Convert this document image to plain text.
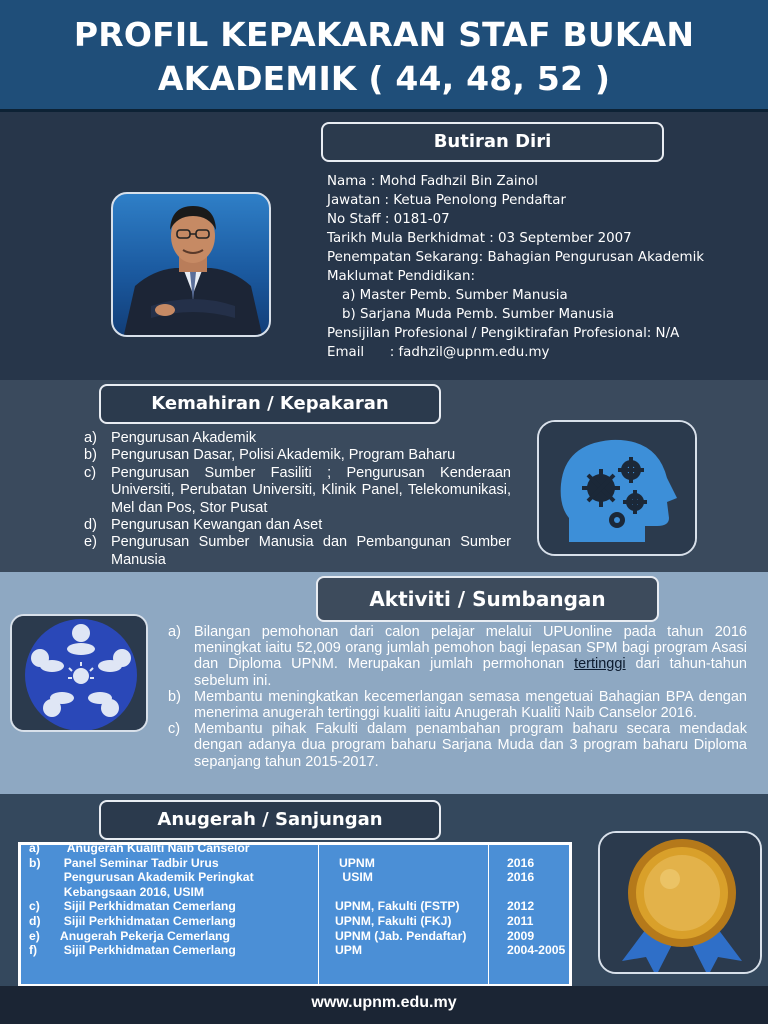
PROFIL KEPAKARAN STAF BUKAN
AKADEMIK ( 44, 48, 52 )
Butiran Diri
Nama : Mohd Fadhzil Bin Zainol
Jawatan : Ketua Penolong Pendaftar
No Staff : 0181-07
Tarikh Mula Berkhidmat : 03 September 2007
Penempatan Sekarang: Bahagian Pengurusan Akademik
Maklumat Pendidikan:
a) Master Pemb. Sumber Manusia
b) Sarjana Muda Pemb. Sumber Manusia
Pensijilan Profesional / Pengiktirafan Profesional: N/A
Email      : fadhzil@upnm.edu.my
Kemahiran / Kepakaran
a) Pengurusan Akademik
b) Pengurusan Dasar, Polisi Akademik, Program Baharu
c)	Pengurusan Sumber Fasiliti ; Pengurusan Kenderaan Universiti, Perubatan Universiti, Klinik Panel, Telekomunikasi, Mel dan Pos, Stor Pusat
d) Pengurusan Kewangan dan Aset
e) Pengurusan Sumber Manusia dan Pembangunan Sumber Manusia
Aktiviti / Sumbangan
a) Bilangan pemohonan dari calon pelajar melalui UPUonline pada tahun 2016 meningkat iaitu 52,009 orang jumlah pemohon bagi lepasan SPM bagi program Asasi dan Diploma UPNM. Merupakan jumlah permohonan tertinggi dari tahun-tahun sebelum ini.
b) Membantu meningkatkan kecemerlangan semasa mengetuai Bahagian BPA dengan menerima anugerah tertinggi kualiti iaitu Anugerah Kualiti Naib Canselor 2016.
c) Membantu pihak Fakulti dalam penambahan program baharu secara mendadak dengan adanya dua program baharu Sarjana Muda dan 3 program baharu Diploma sepanjang tahun 2015-2017.
Anugerah / Sanjungan
a)	Anugerah Kualiti Naib Canselor
b)	Panel Seminar Tadbir Urus	UPNM	2016
Pengurusan Akademik Peringkat	USIM	2016
Kebangsaan 2016, USIM
c)	Sijil Perkhidmatan Cemerlang	UPNM, Fakulti (FSTP)	2012
d)	Sijil Perkhidmatan Cemerlang	UPNM, Fakulti (FKJ)	2011
e)	Anugerah Pekerja Cemerlang	UPNM (Jab. Pendaftar)	2009
f)	Sijil Perkhidmatan Cemerlang	UPM	2004-2005
www.upnm.edu.my
